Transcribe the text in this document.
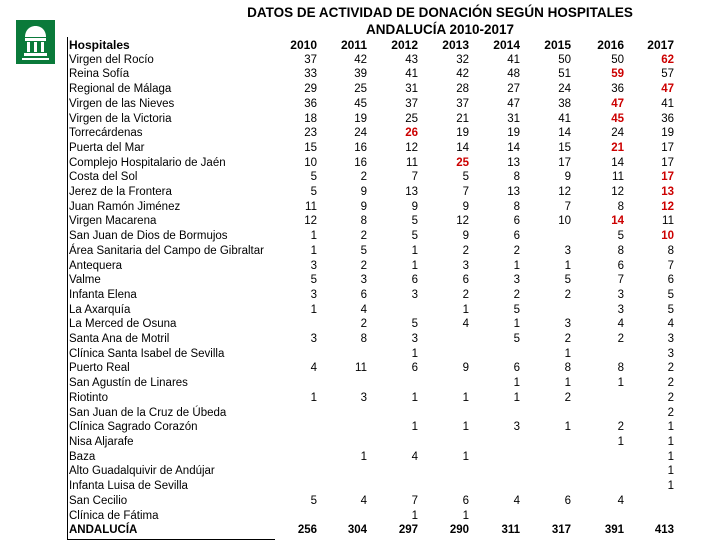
DATOS DE ACTIVIDAD DE DONACIÓN SEGÚN HOSPITALES
ANDALUCÍA 2010-2017
Hospitales	2010	2011	2012	2013	2014	2015	2016	2017
Virgen del Rocío	37	42	43	32	41	50	50	62
Reina Sofía	33	39	41	42	48	51	59	57
Regional de Málaga	29	25	31	28	27	24	36	47
Virgen de las Nieves	36	45	37	37	47	38	47	41
Virgen de la Victoria	18	19	25	21	31	41	45	36
Torrecárdenas	23	24	26	19	19	14	24	19
Puerta del Mar	15	16	12	14	14	15	21	17
Complejo Hospitalario de Jaén	10	16	11	25	13	17	14	17
Costa del Sol	5	2	7	5	8	9	11	17
Jerez de la Frontera	5	9	13	7	13	12	12	13
Juan Ramón Jiménez	11	9	9	9	8	7	8	12
Virgen Macarena	12	8	5	12	6	10	14	11
San Juan de Dios de Bormujos	1	2	5	9	6		5	10
Área Sanitaria del Campo de Gibraltar	1	5	1	2	2	3	8	8
Antequera	3	2	1	3	1	1	6	7
Valme	5	3	6	6	3	5	7	6
Infanta Elena	3	6	3	2	2	2	3	5
La Axarquía	1	4		1	5		3	5
La Merced de Osuna		2	5	4	1	3	4	4
Santa Ana de Motril	3	8	3		5	2	2	3
Clínica Santa Isabel de Sevilla			1			1		3
Puerto Real	4	11	6	9	6	8	8	2
San Agustín de Linares					1	1	1	2
Riotinto	1	3	1	1	1	2		2
San Juan de la Cruz de Úbeda								2
Clínica Sagrado Corazón			1	1	3	1	2	1
Nisa Aljarafe							1	1
Baza		1	4	1				1
Alto Guadalquivir de Andújar								1
Infanta Luisa de Sevilla								1
San Cecilio	5	4	7	6	4	6	4	
Clínica de Fátima			1	1				
ANDALUCÍA	256	304	297	290	311	317	391	413
